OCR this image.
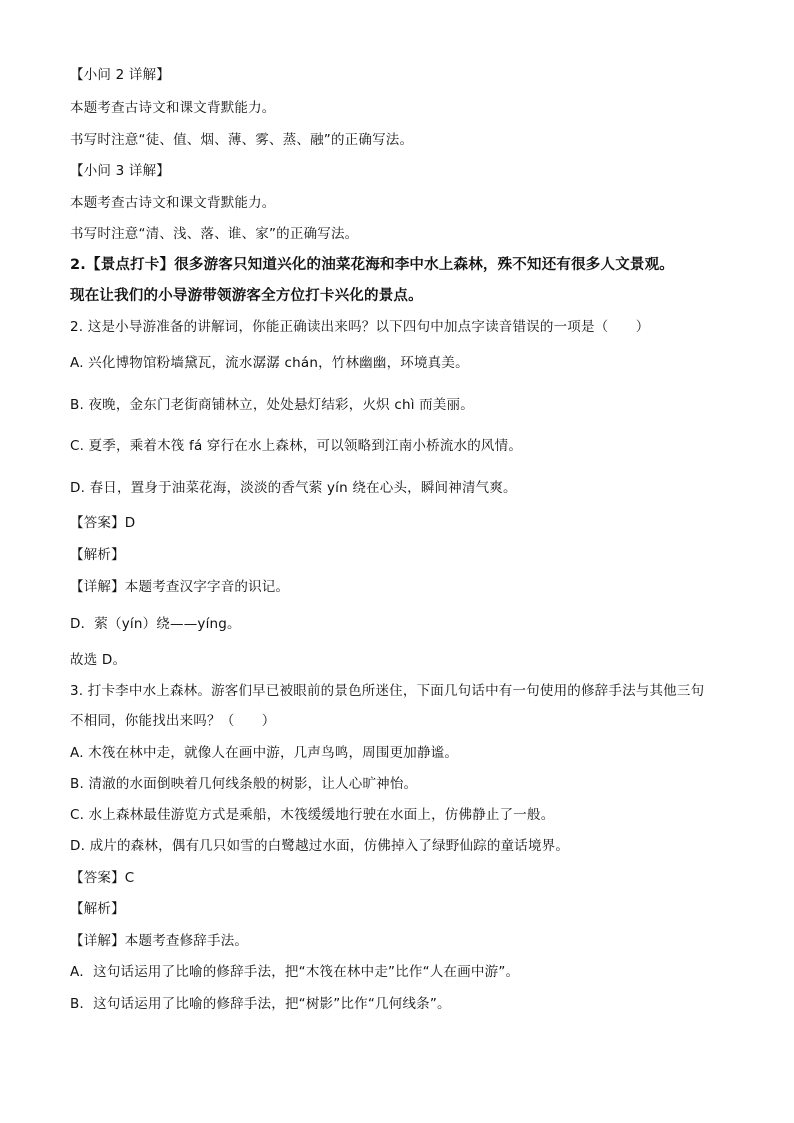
【小问 2 详解】
本题考查古诗文和课文背默能力。
书写时注意“徒、值、烟、薄、雾、蒸、融”的正确写法。
【小问 3 详解】
本题考查古诗文和课文背默能力。
书写时注意“清、浅、落、谁、家”的正确写法。
2.【景点打卡】很多游客只知道兴化的油菜花海和李中水上森林，殊不知还有很多人文景观。
现在让我们的小导游带领游客全方位打卡兴化的景点。
2. 这是小导游准备的讲解词，你能正确读出来吗？以下四句中加点字读音错误的一项是（　　）
A. 兴化博物馆粉墙黛瓦，流水潺潺 chán，竹林幽幽，环境真美。
B. 夜晚，金东门老街商铺林立，处处悬灯结彩，火炽 chì 而美丽。
C. 夏季，乘着木筏 fá 穿行在水上森林，可以领略到江南小桥流水的风情。
D. 春日，置身于油菜花海，淡淡的香气萦 yín 绕在心头，瞬间神清气爽。
【答案】D
【解析】
【详解】本题考查汉字字音的识记。
D．萦（yín）绕——yíng。
故选 D。
3. 打卡李中水上森林。游客们早已被眼前的景色所迷住，下面几句话中有一句使用的修辞手法与其他三句
不相同，你能找出来吗？（　　）
A. 木筏在林中走，就像人在画中游，几声鸟鸣，周围更加静谧。
B. 清澈的水面倒映着几何线条般的树影，让人心旷神怡。
C. 水上森林最佳游览方式是乘船，木筏缓缓地行驶在水面上，仿佛静止了一般。
D. 成片的森林，偶有几只如雪的白鹭越过水面，仿佛掉入了绿野仙踪的童话境界。
【答案】C
【解析】
【详解】本题考查修辞手法。
A．这句话运用了比喻的修辞手法，把“木筏在林中走”比作“人在画中游”。
B．这句话运用了比喻的修辞手法，把“树影”比作“几何线条”。
